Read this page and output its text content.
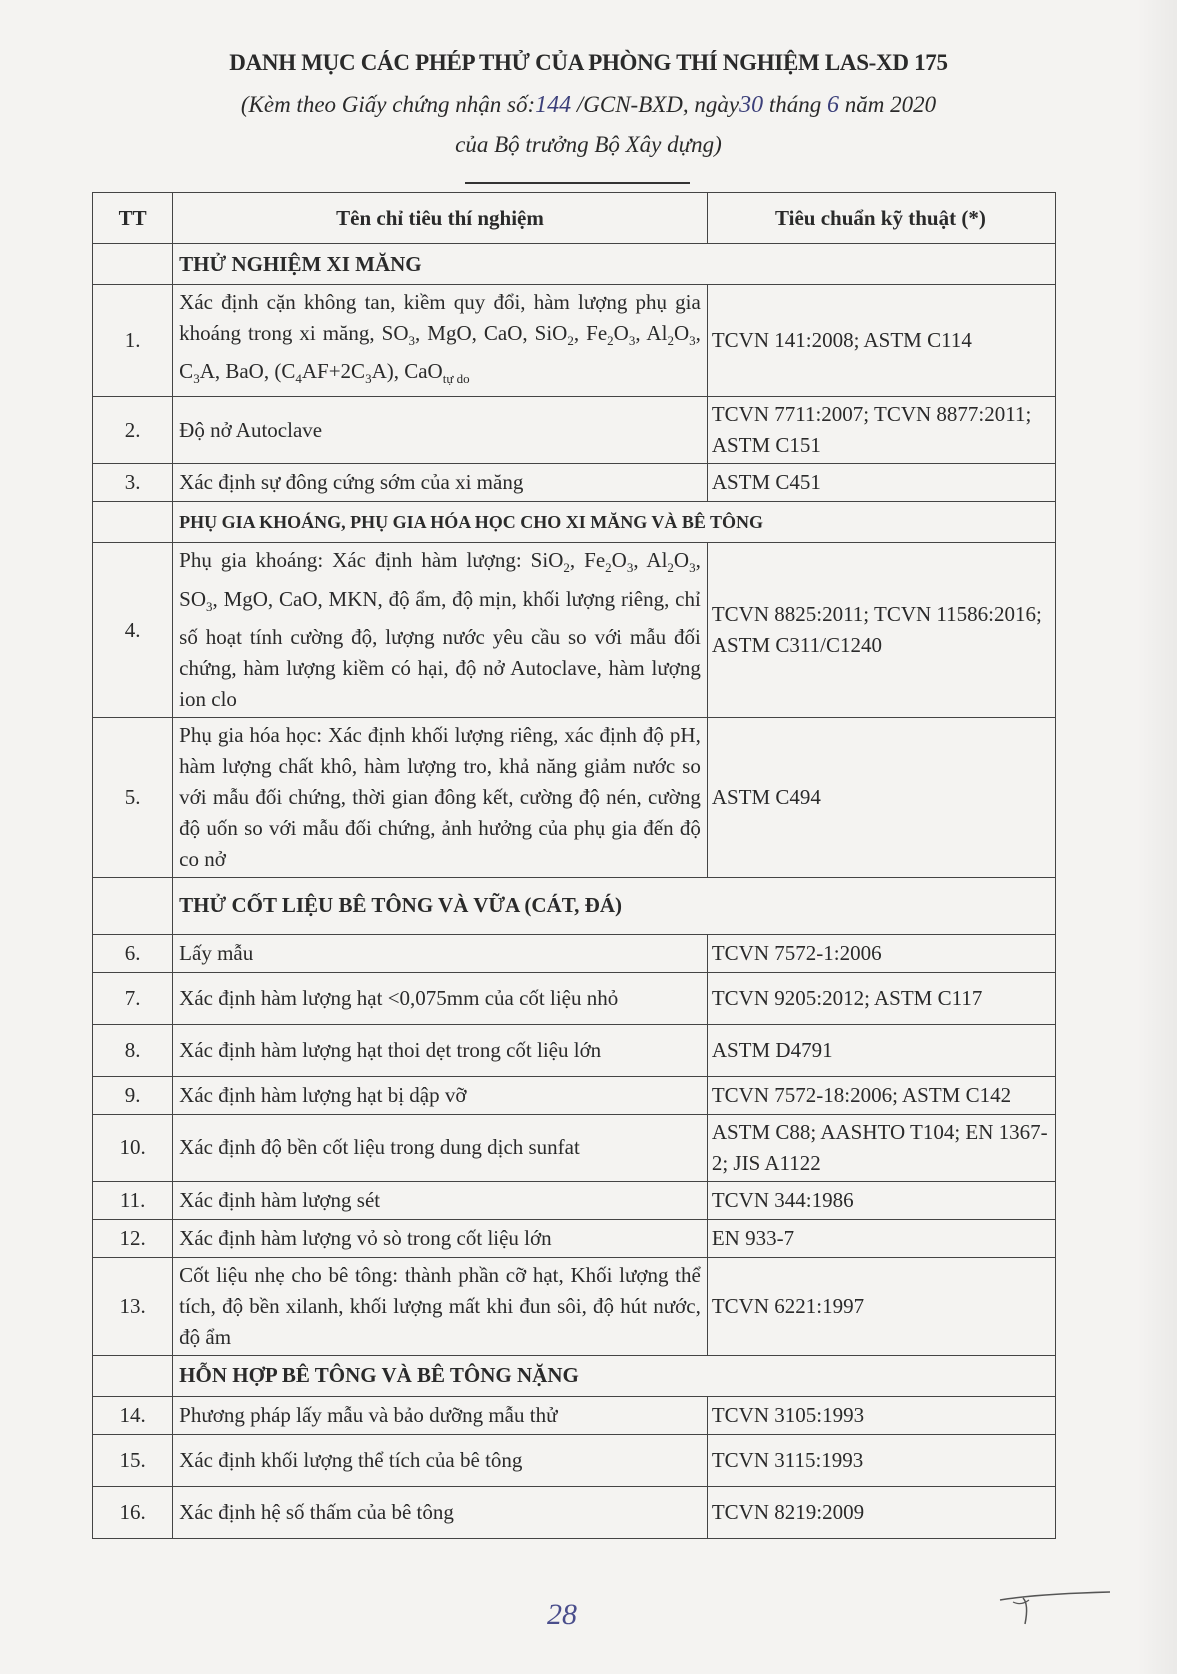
DANH MỤC CÁC PHÉP THỬ CỦA PHÒNG THÍ NGHIỆM LAS-XD 175
(Kèm theo Giấy chứng nhận số:144 /GCN-BXD, ngày30 tháng 6 năm 2020
của Bộ trưởng Bộ Xây dựng)
TT	Tên chỉ tiêu thí nghiệm	Tiêu chuẩn kỹ thuật (*)
	THỬ NGHIỆM XI MĂNG	
1.	Xác định cặn không tan, kiềm quy đổi, hàm lượng phụ gia khoáng trong xi măng, $SO_3$, MgO, CaO, SiO$_2$, $Fe_2O_3$, $Al_2O_3$, $C_3A$, BaO, $(C_4AF+2C_3A)$, CaO$_{tự do}$	TCVN 141:2008; ASTM C114
2.	Độ nở Autoclave	TCVN 7711:2007; TCVN 8877:2011; ASTM C151
3.	Xác định sự đông cứng sớm của xi măng	ASTM C451
	PHỤ GIA KHOÁNG, PHỤ GIA HÓA HỌC CHO XI MĂNG VÀ BÊ TÔNG	
4.	Phụ gia khoáng: Xác định hàm lượng: SiO$_2$, $Fe_2O_3$, $Al_2O_3$, $SO_3$, MgO, CaO, MKN, độ ẩm, độ mịn, khối lượng riêng, chỉ số hoạt tính cường độ, lượng nước yêu cầu so với mẫu đối chứng, hàm lượng kiềm có hại, độ nở Autoclave, hàm lượng ion clo	TCVN 8825:2011; TCVN 11586:2016; ASTM C311/C1240
5.	Phụ gia hóa học: Xác định khối lượng riêng, xác định độ pH, hàm lượng chất khô, hàm lượng tro, khả năng giảm nước so với mẫu đối chứng, thời gian đông kết, cường độ nén, cường độ uốn so với mẫu đối chứng, ảnh hưởng của phụ gia đến độ co nở	ASTM C494
	THỬ CỐT LIỆU BÊ TÔNG VÀ VỮA (CÁT, ĐÁ)	
6.	Lấy mẫu	TCVN 7572-1:2006
7.	Xác định hàm lượng hạt <0,075mm của cốt liệu nhỏ	TCVN 9205:2012; ASTM C117
8.	Xác định hàm lượng hạt thoi dẹt trong cốt liệu lớn	ASTM D4791
9.	Xác định hàm lượng hạt bị dập vỡ	TCVN 7572-18:2006; ASTM C142
10.	Xác định độ bền cốt liệu trong dung dịch sunfat	ASTM C88; AASHTO T104; EN 1367-2; JIS A1122
11.	Xác định hàm lượng sét	TCVN 344:1986
12.	Xác định hàm lượng vỏ sò trong cốt liệu lớn	EN 933-7
13.	Cốt liệu nhẹ cho bê tông: thành phần cỡ hạt, Khối lượng thể tích, độ bền xilanh, khối lượng mất khi đun sôi, độ hút nước, độ ẩm	TCVN 6221:1997
	HỖN HỢP BÊ TÔNG VÀ BÊ TÔNG NẶNG	
14.	Phương pháp lấy mẫu và bảo dưỡng mẫu thử	TCVN 3105:1993
15.	Xác định khối lượng thể tích của bê tông	TCVN 3115:1993
16.	Xác định hệ số thấm của bê tông	TCVN 8219:2009
28
